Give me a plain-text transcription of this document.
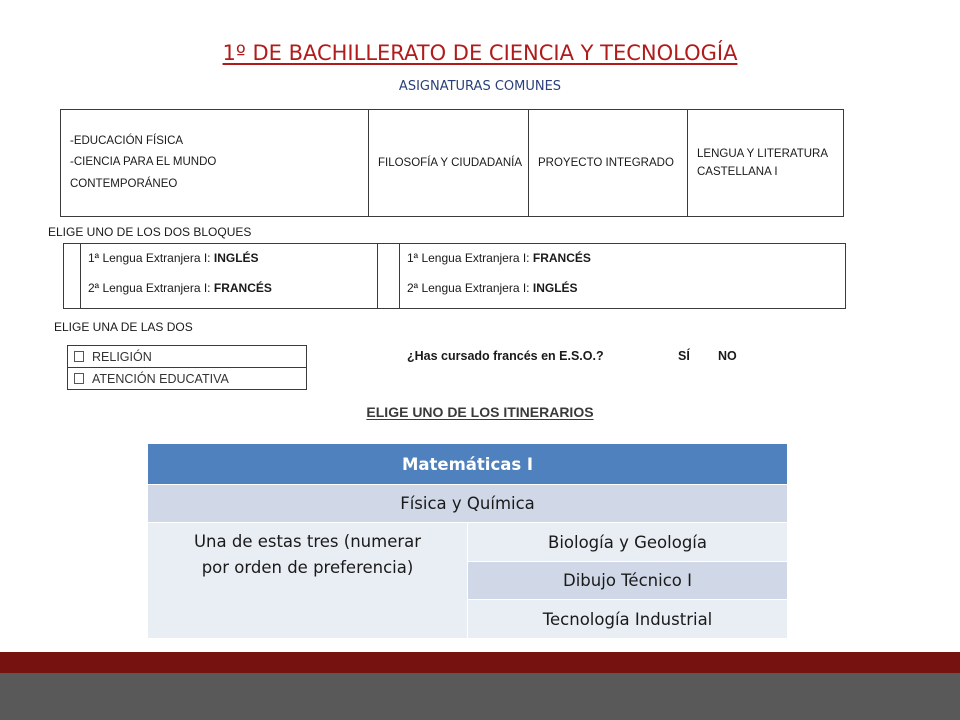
1º DE BACHILLERATO DE CIENCIA Y TECNOLOGÍA
ASIGNATURAS COMUNES
-EDUCACIÓN FÍSICA
-CIENCIA PARA EL MUNDO
CONTEMPORÁNEO
	FILOSOFÍA Y CIUDADANÍA	PROYECTO INTEGRADO	LENGUA Y LITERATURA CASTELLANA I
ELIGE UNO DE LOS DOS BLOQUES

1ª Lengua Extranjera I: INGLÉS
2ª Lengua Extranjera I: FRANCÉS

1ª Lengua Extranjera I: FRANCÉS
2ª Lengua Extranjera I: INGLÉS
ELIGE UNA DE LAS DOS
RELIGIÓN
ATENCIÓN EDUCATIVA
¿Has cursado francés en E.S.O.?	SÍ NO
ELIGE UNO DE LOS ITINERARIOS
Matemáticas I
Física y Química

Una de estas tres (numerar
por orden de preferencia)
	Biología y Geología
Dibujo Técnico I
Tecnología Industrial
